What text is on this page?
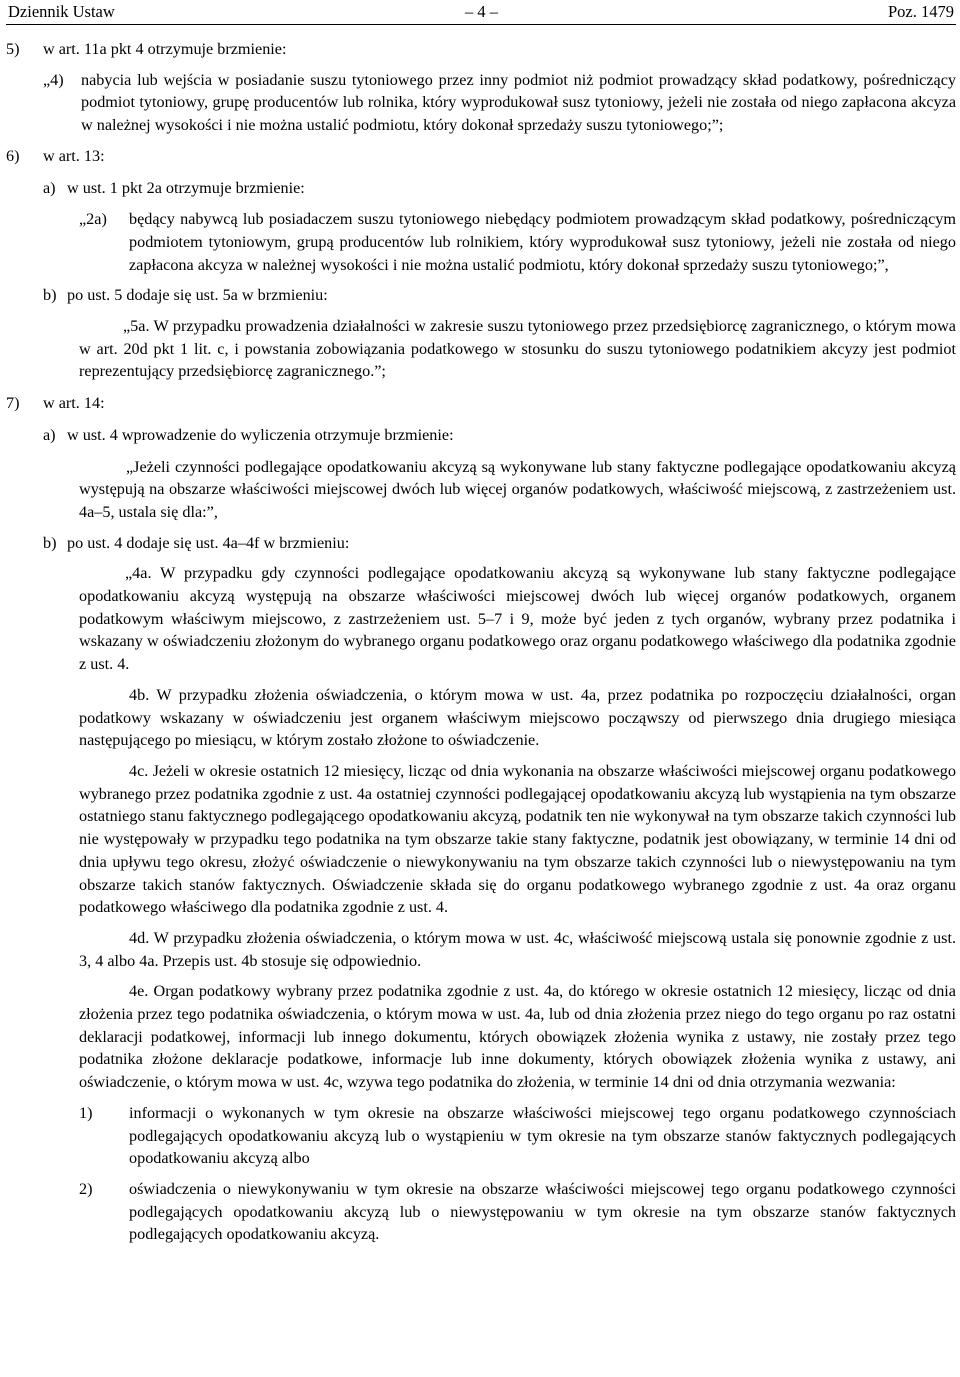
Dziennik Ustaw	– 4 –	Poz. 1479
5)	w art. 11a pkt 4 otrzymuje brzmienie:

„4)	nabycia lub wejścia w posiadanie suszu tytoniowego przez inny podmiot niż podmiot prowadzący skład podatkowy, pośredniczący podmiot tytoniowy, grupę producentów lub rolnika, który wyprodukował susz tytoniowy, jeżeli nie została od niego zapłacona akcyza w należnej wysokości i nie można ustalić podmiotu, który dokonał sprzedaży suszu tytoniowego;”;

6)	w art. 13:

a) w ust. 1 pkt 2a otrzymuje brzmienie:

„2a)	będący nabywcą lub posiadaczem suszu tytoniowego niebędący podmiotem prowadzącym skład podatkowy, pośredniczącym podmiotem tytoniowym, grupą producentów lub rolnikiem, który wyprodukował susz tytoniowy, jeżeli nie została od niego zapłacona akcyza w należnej wysokości i nie można ustalić podmiotu, który dokonał sprzedaży suszu tytoniowego;”,

b) po ust. 5 dodaje się ust. 5a w brzmieniu:

„5a. W przypadku prowadzenia działalności w zakresie suszu tytoniowego przez przedsiębiorcę zagranicznego, o którym mowa w art. 20d pkt 1 lit. c, i powstania zobowiązania podatkowego w stosunku do suszu tytoniowego podatnikiem akcyzy jest podmiot reprezentujący przedsiębiorcę zagranicznego.”;

7)	w art. 14:

a) w ust. 4 wprowadzenie do wyliczenia otrzymuje brzmienie:

„Jeżeli czynności podlegające opodatkowaniu akcyzą są wykonywane lub stany faktyczne podlegające opodatkowaniu akcyzą występują na obszarze właściwości miejscowej dwóch lub więcej organów podatkowych, właściwość miejscową, z zastrzeżeniem ust. 4a–5, ustala się dla:”,

b) po ust. 4 dodaje się ust. 4a–4f w brzmieniu:

„4a. W przypadku gdy czynności podlegające opodatkowaniu akcyzą są wykonywane lub stany faktyczne podlegające opodatkowaniu akcyzą występują na obszarze właściwości miejscowej dwóch lub więcej organów podatkowych, organem podatkowym właściwym miejscowo, z zastrzeżeniem ust. 5–7 i 9, może być jeden z tych organów, wybrany przez podatnika i wskazany w oświadczeniu złożonym do wybranego organu podatkowego oraz organu podatkowego właściwego dla podatnika zgodnie z ust. 4.

4b. W przypadku złożenia oświadczenia, o którym mowa w ust. 4a, przez podatnika po rozpoczęciu działalności, organ podatkowy wskazany w oświadczeniu jest organem właściwym miejscowo począwszy od pierwszego dnia drugiego miesiąca następującego po miesiącu, w którym zostało złożone to oświadczenie.

4c. Jeżeli w okresie ostatnich 12 miesięcy, licząc od dnia wykonania na obszarze właściwości miejscowej organu podatkowego wybranego przez podatnika zgodnie z ust. 4a ostatniej czynności podlegającej opodatkowaniu akcyzą lub wystąpienia na tym obszarze ostatniego stanu faktycznego podlegającego opodatkowaniu akcyzą, podatnik ten nie wykonywał na tym obszarze takich czynności lub nie występowały w przypadku tego podatnika na tym obszarze takie stany faktyczne, podatnik jest obowiązany, w terminie 14 dni od dnia upływu tego okresu, złożyć oświadczenie o niewykonywaniu na tym obszarze takich czynności lub o niewystępowaniu na tym obszarze takich stanów faktycznych. Oświadczenie składa się do organu podatkowego wybranego zgodnie z ust. 4a oraz organu podatkowego właściwego dla podatnika zgodnie z ust. 4.

4d. W przypadku złożenia oświadczenia, o którym mowa w ust. 4c, właściwość miejscową ustala się ponownie zgodnie z ust. 3, 4 albo 4a. Przepis ust. 4b stosuje się odpowiednio.

4e. Organ podatkowy wybrany przez podatnika zgodnie z ust. 4a, do którego w okresie ostatnich 12 miesięcy, licząc od dnia złożenia przez tego podatnika oświadczenia, o którym mowa w ust. 4a, lub od dnia złożenia przez niego do tego organu po raz ostatni deklaracji podatkowej, informacji lub innego dokumentu, których obowiązek złożenia wynika z ustawy, nie zostały przez tego podatnika złożone deklaracje podatkowe, informacje lub inne dokumenty, których obowiązek złożenia wynika z ustawy, ani oświadczenie, o którym mowa w ust. 4c, wzywa tego podatnika do złożenia, w terminie 14 dni od dnia otrzymania wezwania:

1)	informacji o wykonanych w tym okresie na obszarze właściwości miejscowej tego organu podatkowego czynnościach podlegających opodatkowaniu akcyzą lub o wystąpieniu w tym okresie na tym obszarze stanów faktycznych podlegających opodatkowaniu akcyzą albo

2)	oświadczenia o niewykonywaniu w tym okresie na obszarze właściwości miejscowej tego organu podatkowego czynności podlegających opodatkowaniu akcyzą lub o niewystępowaniu w tym okresie na tym obszarze stanów faktycznych podlegających opodatkowaniu akcyzą.
